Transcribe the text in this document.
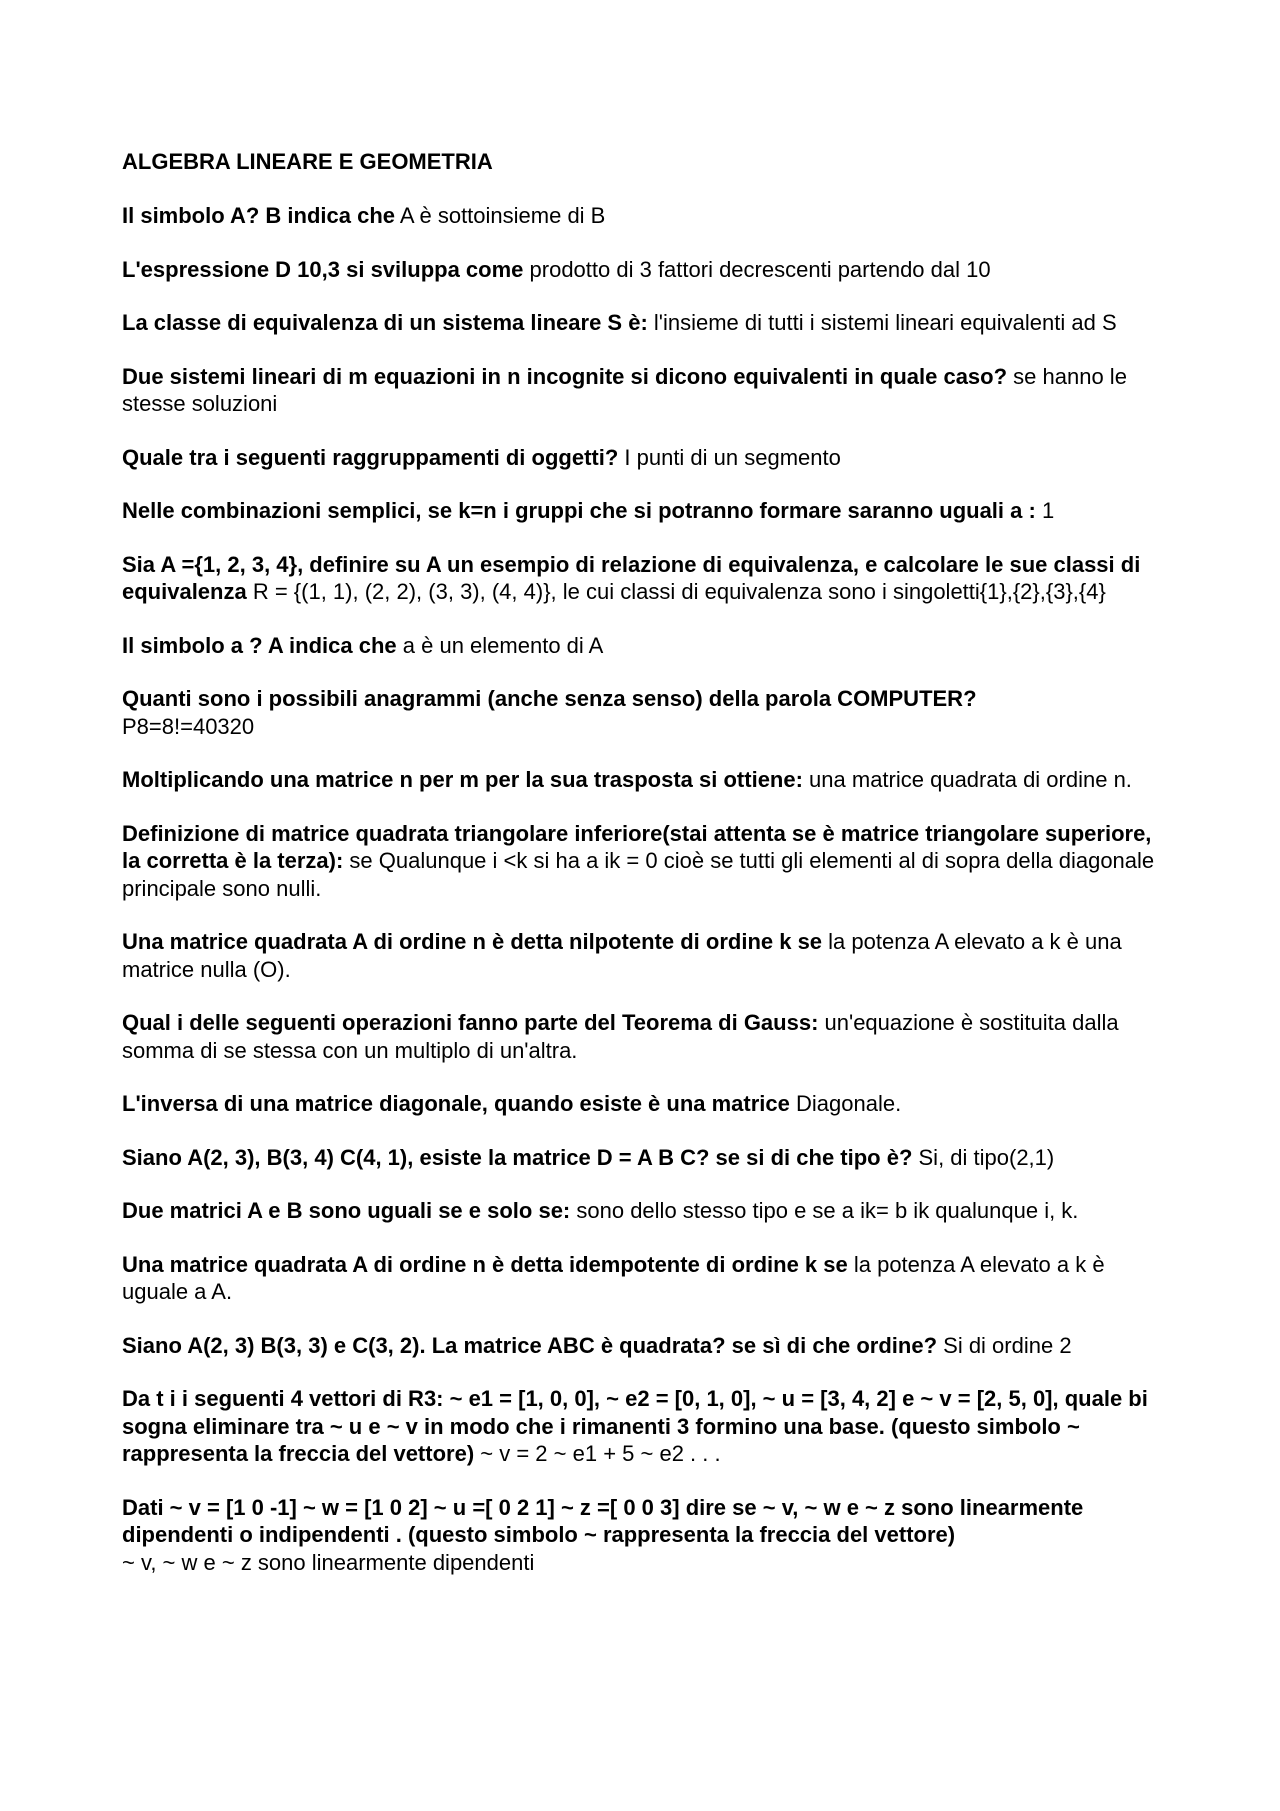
ALGEBRA LINEARE E GEOMETRIA

Il simbolo A? B indica che A è sottoinsieme di B

L'espressione D 10,3 si sviluppa come prodotto di 3 fattori decrescenti partendo dal 10

La classe di equivalenza di un sistema lineare S è: l'insieme di tutti i sistemi lineari equivalenti ad S

Due sistemi lineari di m equazioni in n incognite si dicono equivalenti in quale caso? se hanno le stesse soluzioni

Quale tra i seguenti raggruppamenti di oggetti? I punti di un segmento

Nelle combinazioni semplici, se k=n i gruppi che si potranno formare saranno uguali a : 1

Sia A ={1, 2, 3, 4}, definire su A un esempio di relazione di equivalenza, e calcolare le sue classi di equivalenza R = {(1, 1), (2, 2), (3, 3), (4, 4)}, le cui classi di equivalenza sono i singoletti{1},{2},{3},{4}

Il simbolo a ? A indica che a è un elemento di A

Quanti sono i possibili anagrammi (anche senza senso) della parola COMPUTER?
P8=8!=40320

Moltiplicando una matrice n per m per la sua trasposta si ottiene: una matrice quadrata di ordine n.

Definizione di matrice quadrata triangolare inferiore(stai attenta se è matrice triangolare superiore, la corretta è la terza): se Qualunque i <k si ha a ik = 0 cioè se tutti gli elementi al di sopra della diagonale principale sono nulli.

Una matrice quadrata A di ordine n è detta nilpotente di ordine k se la potenza A elevato a k è una matrice nulla (O).

Qual i delle seguenti operazioni fanno parte del Teorema di Gauss: un'equazione è sostituita dalla somma di se stessa con un multiplo di un'altra.

L'inversa di una matrice diagonale, quando esiste è una matrice Diagonale.

Siano A(2, 3), B(3, 4) C(4, 1), esiste la matrice D = A B C? se si di che tipo è? Si, di tipo(2,1)

Due matrici A e B sono uguali se e solo se: sono dello stesso tipo e se a ik= b ik qualunque i, k.

Una matrice quadrata A di ordine n è detta idempotente di ordine k se la potenza A elevato a k è uguale a A.

Siano A(2, 3) B(3, 3) e C(3, 2). La matrice ABC è quadrata? se sì di che ordine? Si di ordine 2

Da t i i seguenti 4 vettori di R3: ~ e1 = [1, 0, 0], ~ e2 = [0, 1, 0], ~ u = [3, 4, 2] e ~ v = [2, 5, 0], quale bi sogna eliminare tra ~ u e ~ v in modo che i rimanenti 3 formino una base. (questo simbolo ~ rappresenta la freccia del vettore) ~ v = 2 ~ e1 + 5 ~ e2 . . .

Dati ~ v = [1 0 -1] ~ w = [1 0 2] ~ u =[ 0 2 1] ~ z =[ 0 0 3] dire se ~ v, ~ w e ~ z sono linearmente dipendenti o indipendenti . (questo simbolo ~ rappresenta la freccia del vettore)
~ v, ~ w e ~ z sono linearmente dipendenti
